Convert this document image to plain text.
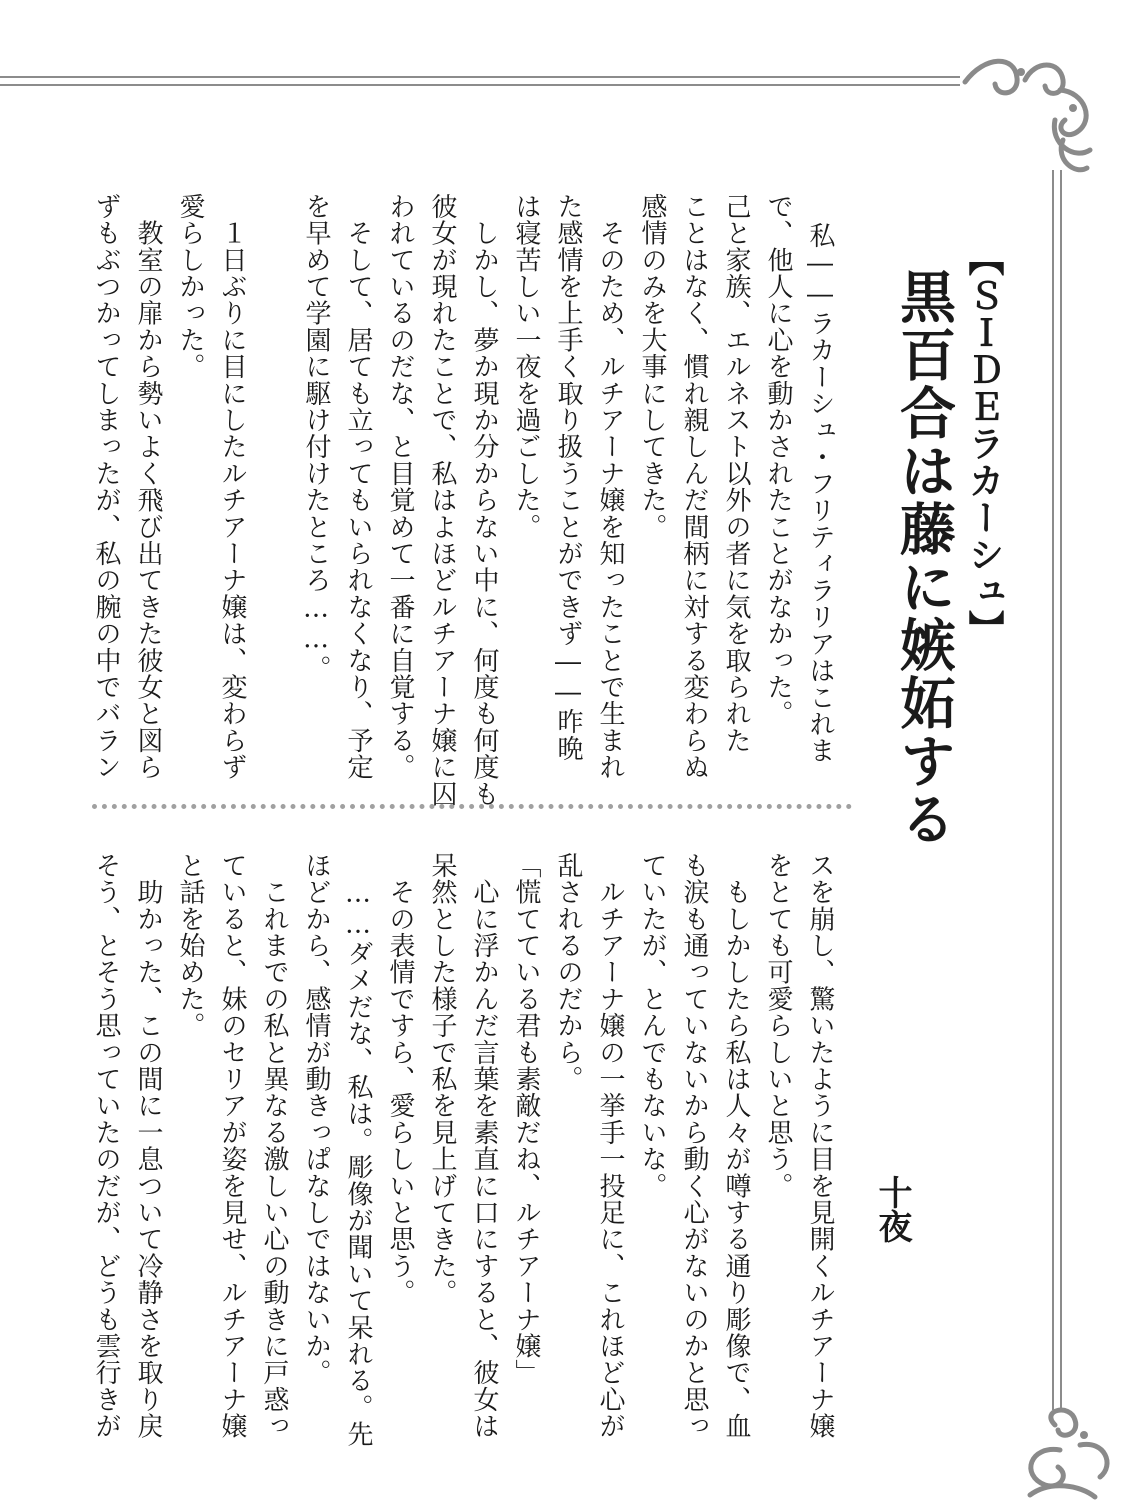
【ＳＩＤＥラカーシュ】
黒百合は藤に嫉妬する
十夜
私――ラカーシュ・フリティラリアはこれま
で、他人に心を動かされたことがなかった。
己と家族、エルネスト以外の者に気を取られた
ことはなく、慣れ親しんだ間柄に対する変わらぬ
感情のみを大事にしてきた。
　そのため、ルチアーナ嬢を知ったことで生まれ
た感情を上手く取り扱うことができず――昨晩
は寝苦しい一夜を過ごした。
　しかし、夢か現か分からない中に、何度も何度も
彼女が現れたことで、私はよほどルチアーナ嬢に囚
われているのだな、と目覚めて一番に自覚する。
　そして、居ても立ってもいられなくなり、予定
を早めて学園に駆け付けたところ……。
　１日ぶりに目にしたルチアーナ嬢は、変わらず
愛らしかった。
　教室の扉から勢いよく飛び出てきた彼女と図ら
ずもぶつかってしまったが、私の腕の中でバラン
スを崩し、驚いたように目を見開くルチアーナ嬢
をとても可愛らしいと思う。
　もしかしたら私は人々が噂する通り彫像で、血
も涙も通っていないから動く心がないのかと思っ
ていたが、とんでもないな。
　ルチアーナ嬢の一挙手一投足に、これほど心が
乱されるのだから。
「慌てている君も素敵だね、ルチアーナ嬢」
　心に浮かんだ言葉を素直に口にすると、彼女は
呆然とした様子で私を見上げてきた。
　その表情ですら、愛らしいと思う。
　……ダメだな、私は。彫像が聞いて呆れる。先
ほどから、感情が動きっぱなしではないか。
　これまでの私と異なる激しい心の動きに戸惑っ
ていると、妹のセリアが姿を見せ、ルチアーナ嬢
と話を始めた。
　助かった、この間に一息ついて冷静さを取り戻
そう、とそう思っていたのだが、どうも雲行きが
